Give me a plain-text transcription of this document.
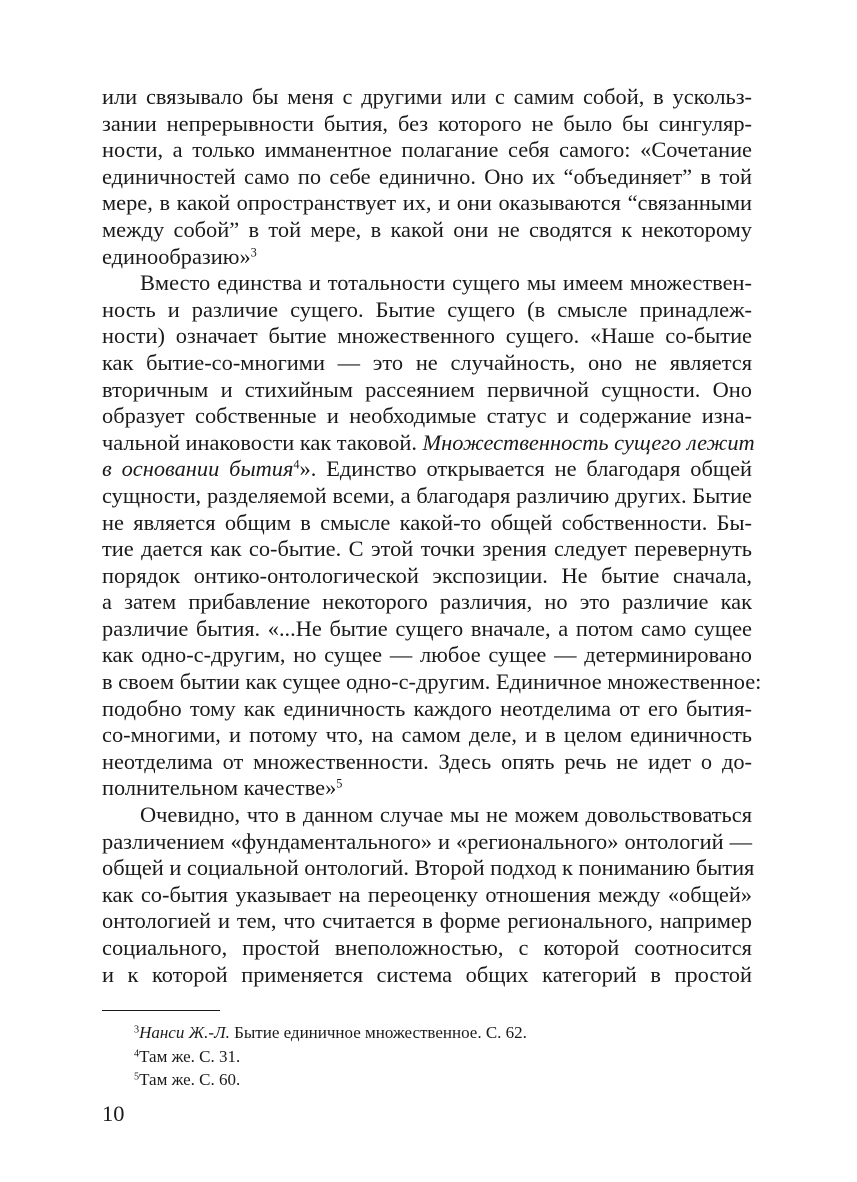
или связывало бы меня с другими или с самим собой, в ускольз-
зании непрерывности бытия, без которого не было бы сингуляр-
ности, а только имманентное полагание себя самого: «Сочетание
единичностей само по себе единично. Оно их “объединяет” в той
мере, в какой опространствует их, и они оказываются “связанными
между собой” в той мере, в какой они не сводятся к некоторому
единообразию»$^3$
Вместо единства и тотальности сущего мы имеем множествен-
ность и различие сущего. Бытие сущего (в смысле принадлеж-
ности) означает бытие множественного сущего. «Наше со-бытие
как бытие-со-многими — это не случайность, оно не является
вторичным и стихийным рассеянием первичной сущности. Оно
образует собственные и необходимые статус и содержание изна-
чальной инаковости как таковой. Множественность сущего лежит
в основании бытия$^4$». Единство открывается не благодаря общей
сущности, разделяемой всеми, а благодаря различию других. Бытие
не является общим в смысле какой-то общей собственности. Бы-
тие дается как со-бытие. С этой точки зрения следует перевернуть
порядок онтико-онтологической экспозиции. Не бытие сначала,
а затем прибавление некоторого различия, но это различие как
различие бытия. «...Не бытие сущего вначале, а потом само сущее
как одно-с-другим, но сущее — любое сущее — детерминировано
в своем бытии как сущее одно-с-другим. Единичное множественное:
подобно тому как единичность каждого неотделима от его бытия-
со-многими, и потому что, на самом деле, и в целом единичность
неотделима от множественности. Здесь опять речь не идет о до-
полнительном качестве»$^5$
Очевидно, что в данном случае мы не можем довольствоваться
различением «фундаментального» и «регионального» онтологий —
общей и социальной онтологий. Второй подход к пониманию бытия
как со-бытия указывает на переоценку отношения между «общей»
онтологией и тем, что считается в форме регионального, например
социального, простой внеположностью, с которой соотносится
и к которой применяется система общих категорий в простой
$^3$Нанси Ж.-Л. Бытие единичное множественное. С. 62.
$^4$Там же. С. 31.
$^5$Там же. С. 60.
10
